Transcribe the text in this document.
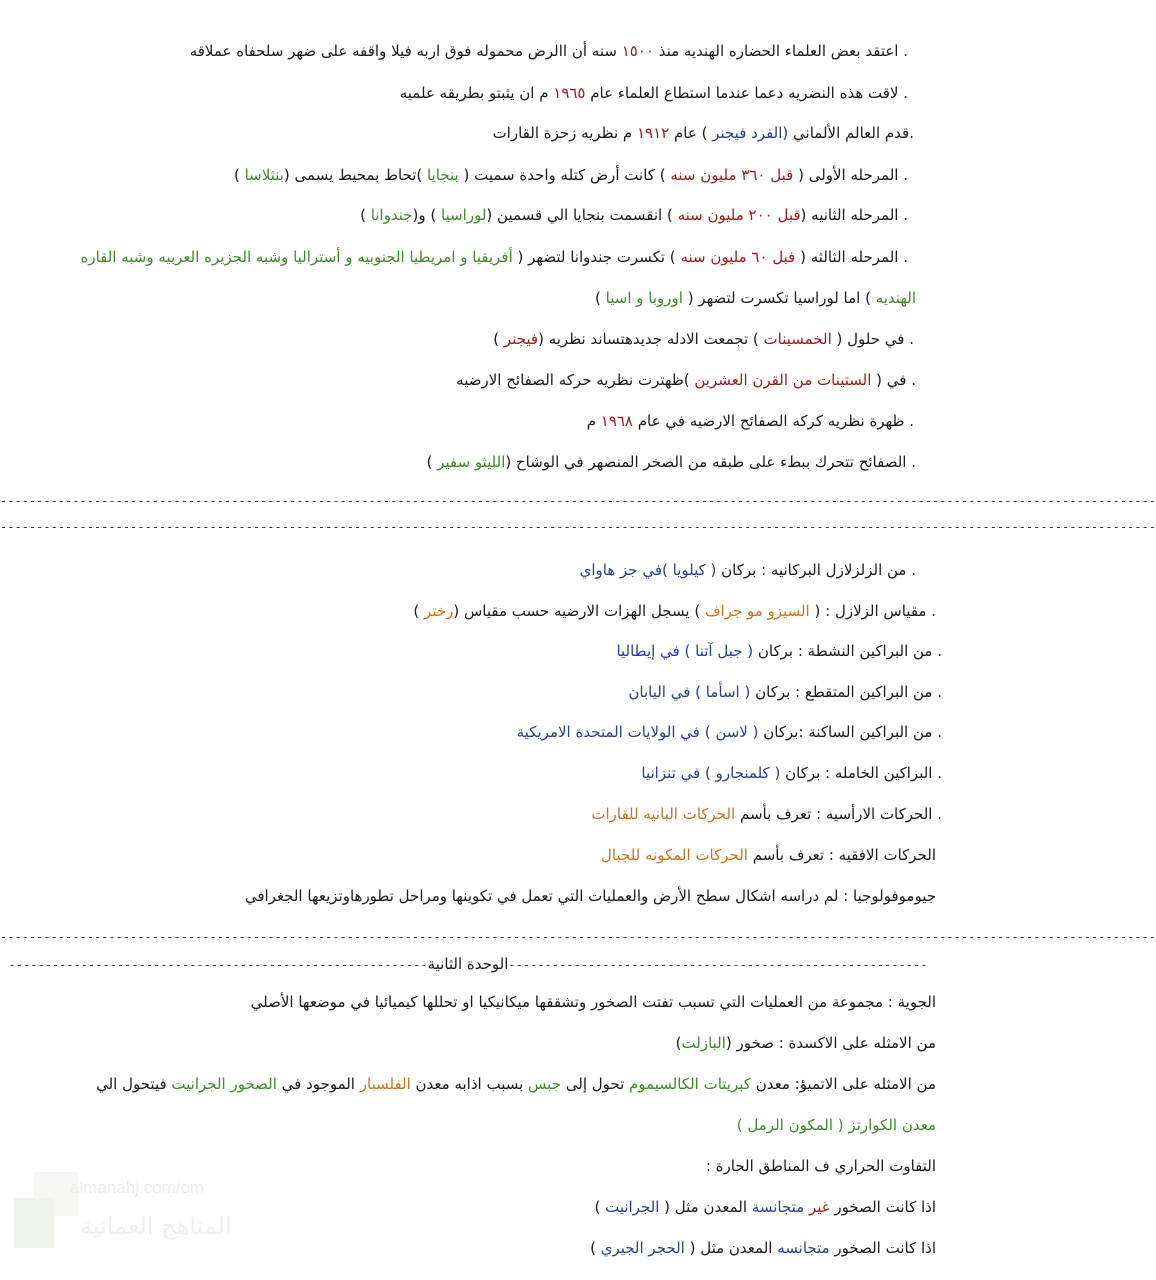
. اعتقد بعض العلماء الحضاره الهنديه منذ ١٥٠٠ سنه أن االرض محموله فوق اربه فيلا واقفه على ضهر سلحفاه عملاقه
. لاقت هذه النضريه دعما عندما استطاع العلماء عام ١٩٦٥ م ان يثبتو بطريقه علميه
.قدم العالم الألماني (الفرد فيجنر ) عام ١٩١٢ م نظريه زحزة القارات
. المرحله الأولى ( قبل ٣٦٠ مليون سنه ) كانت أرض كتله واحدة سميت ( بنجايا )تحاط بمحيط يسمى (بنثلاسا )
. المرحله الثانيه (قبل ٢٠٠ مليون سنه ) انقسمت بنجايا الي قسمين (لوراسيا ) و(جندوانا )
. المرحله الثالثه ( فبل ٦٠ مليون سنه ) تكسرت جندوانا لتضهر ( أفريقيا و امريطيا الجنوبيه و أستراليا وشبه الجزيره العربيه وشبه القاره
الهنديه ) اما لوراسيا تكسرت لتضهر ( اوروبا و اسيا )
. في حلول ( الخمسينات ) تجمعت الادله جديدهتساند نظريه (فيجنر )
. في ( الستينات من القرن العشرين )ظهترت نظريه حركه الصفائح الارضيه
. ظهرة نظريه كركه الصفائح الارضيه في عام ١٩٦٨ م
. الصفائح تتحرك ببطء على طبقه من الصخر المنصهر في الوشاح (الليثو سفير )
. من الزلزلازل البركانيه : بركان ( كيلويا )في جز هاواي
. مقياس الزلازل : ( السيزو مو جراف ) يسجل الهزات الارضيه حسب مقياس (رختر )
. من البراكين النشطة : بركان ( جبل آتنا ) في إيطاليا
. من البراكين المتقطع : بركان ( اسأما ) في اليابان
. من البراكين الساكنة :بركان ( لاسن ) في الولايات المتحدة الامريكية
. البراكين الخامله : بركان ( كلمنجارو ) في تنزانيا
. الحركات الارأسيه : تعرف بأسم الحركات البانيه للقارات
الحركات الافقيه : تعرف بأسم الحركات المكونه للجبال
جيومو‌فولوجيا : لم دراسه اشكال سطح الأرض والعمليات التي تعمل في تكوينها ومراحل تطورهاوتزيعها الجغرافي
الجوية : مجموعة من العمليات التي تسبب تفتت الصخور وتشققها ميكانيكيا او تحللها كيميائيا في موضعها الأصلي
من الامثله على الاكسدة : صخور (البازلت)
من الامثله على الاتميؤ: معدن كبريتات الكالسيموم تحول إلى جبس بسبب اذابه معدن الفلسبار الموجود في الصخور الجرانيت فيتحول الي
معدن الكوارتز ( المكون الرمل )
التفاوت الحراري ف المناطق الحارة :
اذا كانت الصخور غير متجانسة المعدن مثل ( الجرانيت )
اذا كانت الصخور متجانسه المعدن مثل ( الحجر الجيري )
----------------------------------------------------------------------------------------------------------------------------------------------------------------
----------------------------------------------------------------------------------------------------------------------------------------------------------------
----------------------------------------------------------------------------------------------------------------------------------------------------------------
----------------------------------------------------------الوحدة الثانية----------------------------------------------------------
almanahj.com/om
المناهج العمانية
